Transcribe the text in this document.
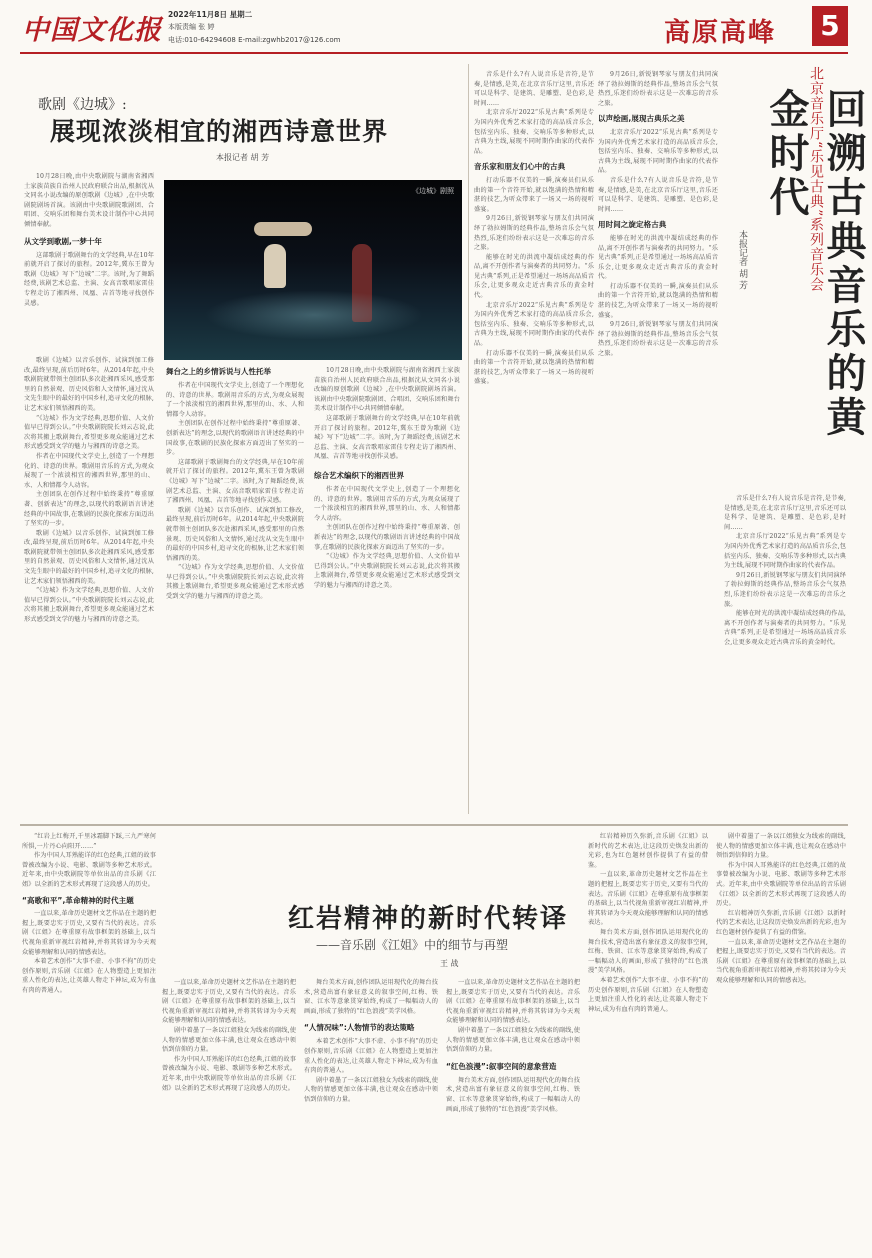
中国文化报
2022年11月8日 星期二
本版责编 张 婷
电话:010-64294608 E-mail:zgwhb2017@126.com	高原高峰 5
歌剧《边城》:
展现浓淡相宜的湘西诗意世界
本报记者 胡 芳
《边城》剧照
10月28日晚,由中央歌剧院与湖南省湘西土家族苗族自治州人民政府联合出品,根据沈从文同名小说改编的原创歌剧《边城》,在中央歌剧院剧场首演。该剧由中央歌剧院歌剧团、合唱团、交响乐团和舞台美术设计制作中心共同倾情奉献。
从文学到歌剧,一梦十年
这部歌剧于歌剧舞台的文学经典,早在10年前就开启了探讨的旅程。2012年,冀东王曾为歌剧《边城》写下“边城”二字。该时,为了舞蹈经费,该剧艺术总监、主演、女高音歌唱家雷佳专程走访了湘西州、凤凰、吉首等地寻找创作灵感。
歌剧《边城》以音乐创作、试演到加工修改,最终呈现,前后历时6年。从2014年起,中央歌剧院就带领主创团队多次赴湘西采风,感受那里的自然景观、历史风俗和人文情怀,通过沈从文先生眼中的最好的中国乡村,追寻文化的根脉,让艺术家们领悟湘西的美。
“《边城》作为文学经典,思想价值、人文价值早已得到公认。”中央歌剧院院长刘云志说,此次将其搬上歌剧舞台,希望更多观众能通过艺术形式感受到文学的魅力与湘西的诗意之美。
作者在中国现代文学史上,创造了一个理想化的、诗意的世界。歌剧用音乐的方式,为观众展现了一个浓淡相宜的湘西世界,那里的山、水、人和情都令人动容。
主创团队在创作过程中始终秉持“尊重原著、创新表达”的理念,以现代的歌剧语言讲述经典的中国故事,在歌剧的民族化探索方面迈出了坚实的一步。
歌剧《边城》以音乐创作、试演到加工修改,最终呈现,前后历时6年。从2014年起,中央歌剧院就带领主创团队多次赴湘西采风,感受那里的自然景观、历史风俗和人文情怀,通过沈从文先生眼中的最好的中国乡村,追寻文化的根脉,让艺术家们领悟湘西的美。
“《边城》作为文学经典,思想价值、人文价值早已得到公认。”中央歌剧院院长刘云志说,此次将其搬上歌剧舞台,希望更多观众能通过艺术形式感受到文学的魅力与湘西的诗意之美。
舞台之上的乡情诉说与人性托举
作者在中国现代文学史上,创造了一个理想化的、诗意的世界。歌剧用音乐的方式,为观众展现了一个浓淡相宜的湘西世界,那里的山、水、人和情都令人动容。
主创团队在创作过程中始终秉持“尊重原著、创新表达”的理念,以现代的歌剧语言讲述经典的中国故事,在歌剧的民族化探索方面迈出了坚实的一步。
这部歌剧于歌剧舞台的文学经典,早在10年前就开启了探讨的旅程。2012年,冀东王曾为歌剧《边城》写下“边城”二字。该时,为了舞蹈经费,该剧艺术总监、主演、女高音歌唱家雷佳专程走访了湘西州、凤凰、吉首等地寻找创作灵感。
歌剧《边城》以音乐创作、试演到加工修改,最终呈现,前后历时6年。从2014年起,中央歌剧院就带领主创团队多次赴湘西采风,感受那里的自然景观、历史风俗和人文情怀,通过沈从文先生眼中的最好的中国乡村,追寻文化的根脉,让艺术家们领悟湘西的美。
“《边城》作为文学经典,思想价值、人文价值早已得到公认。”中央歌剧院院长刘云志说,此次将其搬上歌剧舞台,希望更多观众能通过艺术形式感受到文学的魅力与湘西的诗意之美。
10月28日晚,由中央歌剧院与湖南省湘西土家族苗族自治州人民政府联合出品,根据沈从文同名小说改编的原创歌剧《边城》,在中央歌剧院剧场首演。该剧由中央歌剧院歌剧团、合唱团、交响乐团和舞台美术设计制作中心共同倾情奉献。
这部歌剧于歌剧舞台的文学经典,早在10年前就开启了探讨的旅程。2012年,冀东王曾为歌剧《边城》写下“边城”二字。该时,为了舞蹈经费,该剧艺术总监、主演、女高音歌唱家雷佳专程走访了湘西州、凤凰、吉首等地寻找创作灵感。
综合艺术编织下的湘西世界
作者在中国现代文学史上,创造了一个理想化的、诗意的世界。歌剧用音乐的方式,为观众展现了一个浓淡相宜的湘西世界,那里的山、水、人和情都令人动容。
主创团队在创作过程中始终秉持“尊重原著、创新表达”的理念,以现代的歌剧语言讲述经典的中国故事,在歌剧的民族化探索方面迈出了坚实的一步。
“《边城》作为文学经典,思想价值、人文价值早已得到公认。”中央歌剧院院长刘云志说,此次将其搬上歌剧舞台,希望更多观众能通过艺术形式感受到文学的魅力与湘西的诗意之美。
音乐是什么?有人说音乐是音符,是节奏,是情感,是美,在北京音乐厅这里,音乐还可以是科学、是建筑、是雕塑、是色彩,是时间……
北京音乐厅2022“乐见古典”系列是专为国内外优秀艺术家打造的高品质音乐会,包括室内乐、独奏、交响乐等多种形式,以古典为主线,展现不同时期作曲家的代表作品。
音乐家和朋友们心中的古典
打动乐器不仅美的一瞬,演奏员们从乐曲的第一个音符开始,就以饱满的热情和精湛的技艺,为听众带来了一场又一场的视听盛宴。
9月26日,新锐钢琴家与朋友们共同演绎了勃拉姆斯的经典作品,整场音乐会气氛热烈,乐迷们纷纷表示这是一次难忘的音乐之旅。
能够在时光的洪流中凝结成经典的作品,离不开创作者与演奏者的共同努力。“乐见古典”系列,正是希望通过一场场高品质音乐会,让更多观众走近古典音乐的黄金时代。
北京音乐厅2022“乐见古典”系列是专为国内外优秀艺术家打造的高品质音乐会,包括室内乐、独奏、交响乐等多种形式,以古典为主线,展现不同时期作曲家的代表作品。
打动乐器不仅美的一瞬,演奏员们从乐曲的第一个音符开始,就以饱满的热情和精湛的技艺,为听众带来了一场又一场的视听盛宴。
9月26日,新锐钢琴家与朋友们共同演绎了勃拉姆斯的经典作品,整场音乐会气氛热烈,乐迷们纷纷表示这是一次难忘的音乐之旅。
以声绘画,展现古典乐之美
北京音乐厅2022“乐见古典”系列是专为国内外优秀艺术家打造的高品质音乐会,包括室内乐、独奏、交响乐等多种形式,以古典为主线,展现不同时期作曲家的代表作品。
音乐是什么?有人说音乐是音符,是节奏,是情感,是美,在北京音乐厅这里,音乐还可以是科学、是建筑、是雕塑、是色彩,是时间……
用时间之旋定格古典
能够在时光的洪流中凝结成经典的作品,离不开创作者与演奏者的共同努力。“乐见古典”系列,正是希望通过一场场高品质音乐会,让更多观众走近古典音乐的黄金时代。
打动乐器不仅美的一瞬,演奏员们从乐曲的第一个音符开始,就以饱满的热情和精湛的技艺,为听众带来了一场又一场的视听盛宴。
9月26日,新锐钢琴家与朋友们共同演绎了勃拉姆斯的经典作品,整场音乐会气氛热烈,乐迷们纷纷表示这是一次难忘的音乐之旅。
北京音乐厅“乐见古典”系列音乐会
回溯古典音乐的黄金时代
本报记者 胡 芳
音乐是什么?有人说音乐是音符,是节奏,是情感,是美,在北京音乐厅这里,音乐还可以是科学、是建筑、是雕塑、是色彩,是时间……
北京音乐厅2022“乐见古典”系列是专为国内外优秀艺术家打造的高品质音乐会,包括室内乐、独奏、交响乐等多种形式,以古典为主线,展现不同时期作曲家的代表作品。
9月26日,新锐钢琴家与朋友们共同演绎了勃拉姆斯的经典作品,整场音乐会气氛热烈,乐迷们纷纷表示这是一次难忘的音乐之旅。
能够在时光的洪流中凝结成经典的作品,离不开创作者与演奏者的共同努力。“乐见古典”系列,正是希望通过一场场高品质音乐会,让更多观众走近古典音乐的黄金时代。
“红岩上红梅开,千里冰霜脚下踩,三九严寒何所惧,一片丹心向阳开……”
作为中国人耳熟能详的红色经典,江姐的故事曾被改编为小说、电影、歌剧等多种艺术形式。近年来,由中央歌剧院等单位出品的音乐剧《江姐》以全新的艺术形式再现了这段感人的历史。
“高歌和平”,革命精神的时代主题
一直以来,革命历史题材文艺作品在主题的把握上,既要忠实于历史,又要有当代的表达。音乐剧《江姐》在尊重原有故事框架的基础上,以当代视角重新审视红岩精神,并将其转译为今天观众能够理解和认同的情感表达。
本着艺术创作“大事不虚、小事不拘”的历史创作原则,音乐剧《江姐》在人物塑造上更加注重人性化的表达,让英雄人物走下神坛,成为有血有肉的普通人。
红岩精神的新时代转译
——音乐剧《江姐》中的细节与再塑
王 战
一直以来,革命历史题材文艺作品在主题的把握上,既要忠实于历史,又要有当代的表达。音乐剧《江姐》在尊重原有故事框架的基础上,以当代视角重新审视红岩精神,并将其转译为今天观众能够理解和认同的情感表达。
剧中着墨了一条以江姐独女为线索的副线,使人物的情感更加立体丰满,也让观众在感动中领悟到信仰的力量。
作为中国人耳熟能详的红色经典,江姐的故事曾被改编为小说、电影、歌剧等多种艺术形式。近年来,由中央歌剧院等单位出品的音乐剧《江姐》以全新的艺术形式再现了这段感人的历史。
舞台美术方面,创作团队运用现代化的舞台技术,营造出富有象征意义的叙事空间,红梅、铁窗、江水等意象贯穿始终,构成了一幅幅动人的画面,形成了独特的“红色浪漫”美学风格。
“人情况味”:人物情节的表达策略
本着艺术创作“大事不虚、小事不拘”的历史创作原则,音乐剧《江姐》在人物塑造上更加注重人性化的表达,让英雄人物走下神坛,成为有血有肉的普通人。
剧中着墨了一条以江姐独女为线索的副线,使人物的情感更加立体丰满,也让观众在感动中领悟到信仰的力量。
一直以来,革命历史题材文艺作品在主题的把握上,既要忠实于历史,又要有当代的表达。音乐剧《江姐》在尊重原有故事框架的基础上,以当代视角重新审视红岩精神,并将其转译为今天观众能够理解和认同的情感表达。
剧中着墨了一条以江姐独女为线索的副线,使人物的情感更加立体丰满,也让观众在感动中领悟到信仰的力量。
“红色浪漫”:叙事空间的意象营造
舞台美术方面,创作团队运用现代化的舞台技术,营造出富有象征意义的叙事空间,红梅、铁窗、江水等意象贯穿始终,构成了一幅幅动人的画面,形成了独特的“红色浪漫”美学风格。
红岩精神历久弥新,音乐剧《江姐》以新时代的艺术表达,让这段历史焕发出新的光彩,也为红色题材创作提供了有益的借鉴。
一直以来,革命历史题材文艺作品在主题的把握上,既要忠实于历史,又要有当代的表达。音乐剧《江姐》在尊重原有故事框架的基础上,以当代视角重新审视红岩精神,并将其转译为今天观众能够理解和认同的情感表达。
舞台美术方面,创作团队运用现代化的舞台技术,营造出富有象征意义的叙事空间,红梅、铁窗、江水等意象贯穿始终,构成了一幅幅动人的画面,形成了独特的“红色浪漫”美学风格。
本着艺术创作“大事不虚、小事不拘”的历史创作原则,音乐剧《江姐》在人物塑造上更加注重人性化的表达,让英雄人物走下神坛,成为有血有肉的普通人。
剧中着墨了一条以江姐独女为线索的副线,使人物的情感更加立体丰满,也让观众在感动中领悟到信仰的力量。
作为中国人耳熟能详的红色经典,江姐的故事曾被改编为小说、电影、歌剧等多种艺术形式。近年来,由中央歌剧院等单位出品的音乐剧《江姐》以全新的艺术形式再现了这段感人的历史。
红岩精神历久弥新,音乐剧《江姐》以新时代的艺术表达,让这段历史焕发出新的光彩,也为红色题材创作提供了有益的借鉴。
一直以来,革命历史题材文艺作品在主题的把握上,既要忠实于历史,又要有当代的表达。音乐剧《江姐》在尊重原有故事框架的基础上,以当代视角重新审视红岩精神,并将其转译为今天观众能够理解和认同的情感表达。
